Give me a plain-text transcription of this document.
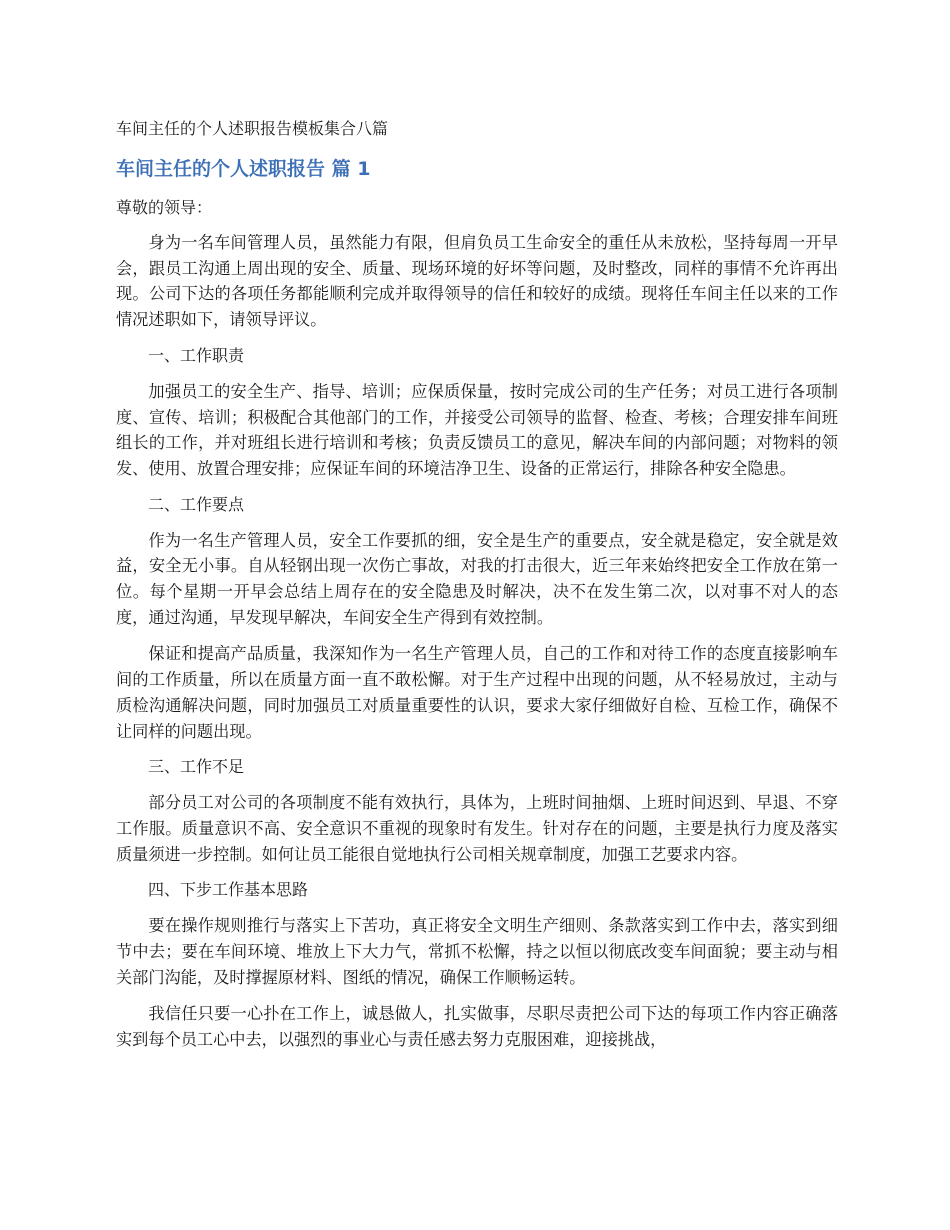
车间主任的个人述职报告模板集合八篇
车间主任的个人述职报告 篇 1
尊敬的领导：
身为一名车间管理人员，虽然能力有限，但肩负员工生命安全的重任从未放松，坚持每周一开早会，跟员工沟通上周出现的安全、质量、现场环境的好坏等问题，及时整改，同样的事情不允许再出现。公司下达的各项任务都能顺利完成并取得领导的信任和较好的成绩。现将任车间主任以来的工作情况述职如下，请领导评议。
一、工作职责
加强员工的安全生产、指导、培训；应保质保量，按时完成公司的生产任务；对员工进行各项制度、宣传、培训；积极配合其他部门的工作，并接受公司领导的监督、检查、考核；合理安排车间班组长的工作，并对班组长进行培训和考核；负责反馈员工的意见，解决车间的内部问题；对物料的领发、使用、放置合理安排；应保证车间的环境洁净卫生、设备的正常运行，排除各种安全隐患。
二、工作要点
作为一名生产管理人员，安全工作要抓的细，安全是生产的重要点，安全就是稳定，安全就是效益，安全无小事。自从轻钢出现一次伤亡事故，对我的打击很大，近三年来始终把安全工作放在第一位。每个星期一开早会总结上周存在的安全隐患及时解决，决不在发生第二次，以对事不对人的态度，通过沟通，早发现早解决，车间安全生产得到有效控制。
保证和提高产品质量，我深知作为一名生产管理人员，自己的工作和对待工作的态度直接影响车间的工作质量，所以在质量方面一直不敢松懈。对于生产过程中出现的问题，从不轻易放过，主动与质检沟通解决问题，同时加强员工对质量重要性的认识，要求大家仔细做好自检、互检工作，确保不让同样的问题出现。
三、工作不足
部分员工对公司的各项制度不能有效执行，具体为，上班时间抽烟、上班时间迟到、早退、不穿工作服。质量意识不高、安全意识不重视的现象时有发生。针对存在的问题，主要是执行力度及落实质量须进一步控制。如何让员工能很自觉地执行公司相关规章制度，加强工艺要求内容。
四、下步工作基本思路
要在操作规则推行与落实上下苦功，真正将安全文明生产细则、条款落实到工作中去，落实到细节中去；要在车间环境、堆放上下大力气，常抓不松懈，持之以恒以彻底改变车间面貌；要主动与相关部门沟能，及时撑握原材料、图纸的情况，确保工作顺畅运转。
我信任只要一心扑在工作上，诚恳做人，扎实做事，尽职尽责把公司下达的每项工作内容正确落实到每个员工心中去，以强烈的事业心与责任感去努力克服困难，迎接挑战，
